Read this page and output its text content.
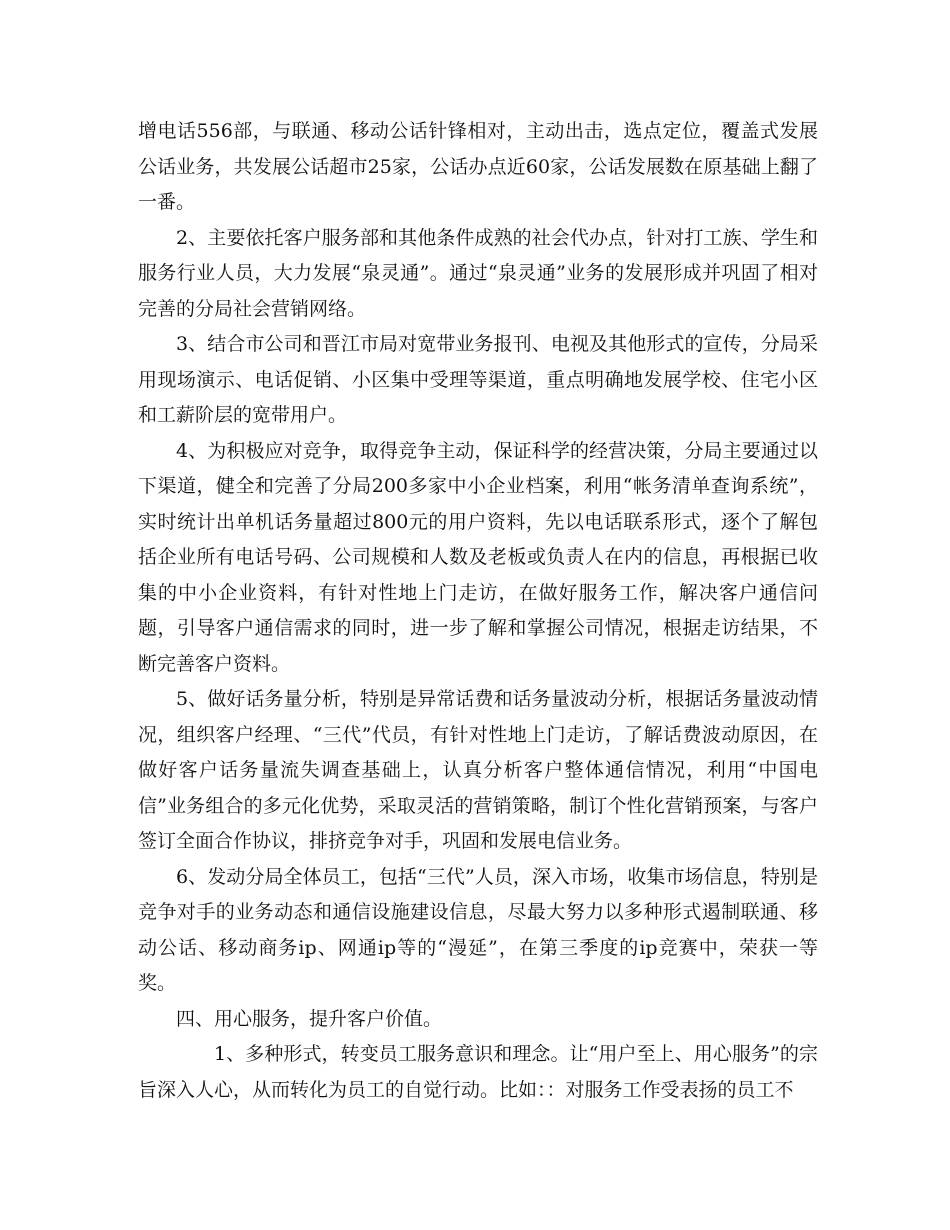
增电话556部，与联通、移动公话针锋相对，主动出击，选点定位，覆盖式发展公话业务，共发展公话超市25家，公话办点近60家，公话发展数在原基础上翻了一番。

2、主要依托客户服务部和其他条件成熟的社会代办点，针对打工族、学生和服务行业人员，大力发展“泉灵通”。通过“泉灵通”业务的发展形成并巩固了相对完善的分局社会营销网络。

3、结合市公司和晋江市局对宽带业务报刊、电视及其他形式的宣传，分局采用现场演示、电话促销、小区集中受理等渠道，重点明确地发展学校、住宅小区和工薪阶层的宽带用户。

4、为积极应对竞争，取得竞争主动，保证科学的经营决策，分局主要通过以下渠道，健全和完善了分局200多家中小企业档案，利用“帐务清单查询系统”，实时统计出单机话务量超过800元的用户资料，先以电话联系形式，逐个了解包括企业所有电话号码、公司规模和人数及老板或负责人在内的信息，再根据已收集的中小企业资料，有针对性地上门走访，在做好服务工作，解决客户通信问题，引导客户通信需求的同时，进一步了解和掌握公司情况，根据走访结果，不断完善客户资料。

5、做好话务量分析，特别是异常话费和话务量波动分析，根据话务量波动情况，组织客户经理、“三代”代员，有针对性地上门走访，了解话费波动原因，在做好客户话务量流失调查基础上，认真分析客户整体通信情况，利用“中国电信”业务组合的多元化优势，采取灵活的营销策略，制订个性化营销预案，与客户签订全面合作协议，排挤竞争对手，巩固和发展电信业务。

6、发动分局全体员工，包括“三代”人员，深入市场，收集市场信息，特别是竞争对手的业务动态和通信设施建设信息，尽最大努力以多种形式遏制联通、移动公话、移动商务ip、网通ip等的“漫延”，在第三季度的ip竞赛中，荣获一等奖。

四、用心服务，提升客户价值。

1、多种形式，转变员工服务意识和理念。让“用户至上、用心服务”的宗旨深入人心，从而转化为员工的自觉行动。比如：：对服务工作受表扬的员工不
